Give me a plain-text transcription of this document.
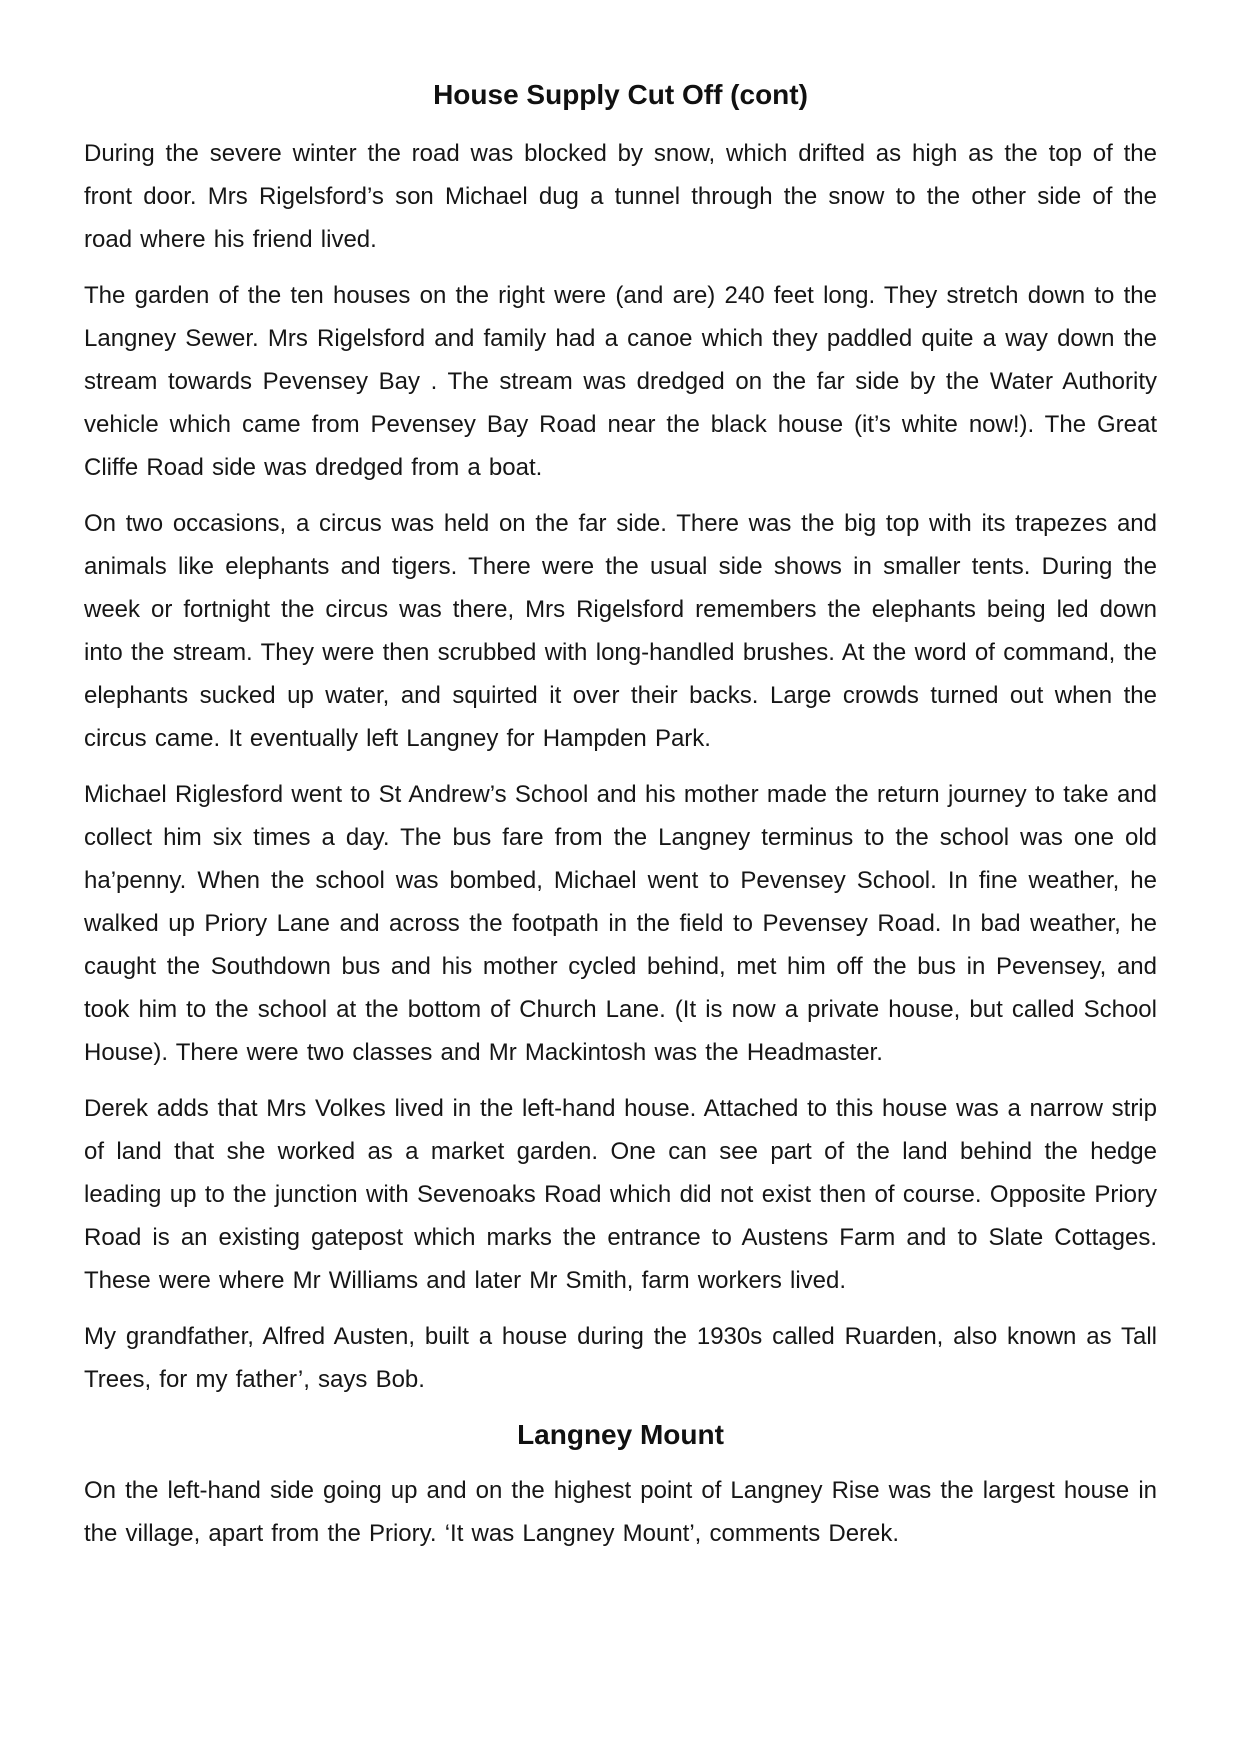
House Supply Cut Off (cont)

During the severe winter the road was blocked by snow, which drifted as high as the top of the front door. Mrs Rigelsford’s son Michael dug a tunnel through the snow to the other side of the road where his friend lived.

The garden of the ten houses on the right were (and are) 240 feet long. They stretch down to the Langney Sewer. Mrs Rigelsford and family had a canoe which they paddled quite a way down the stream towards Pevensey Bay . The stream was dredged on the far side by the Water Authority vehicle which came from Pevensey Bay Road near the black house (it’s white now!). The Great Cliffe Road side was dredged from a boat.

On two occasions, a circus was held on the far side. There was the big top with its trapezes and animals like elephants and tigers. There were the usual side shows in smaller tents. During the week or fortnight the circus was there, Mrs Rigelsford remembers the elephants being led down into the stream. They were then scrubbed with long-handled brushes. At the word of command, the elephants sucked up water, and squirted it over their backs. Large crowds turned out when the circus came. It eventually left Langney for Hampden Park.

Michael Riglesford went to St Andrew’s School and his mother made the return journey to take and collect him six times a day. The bus fare from the Langney terminus to the school was one old ha’penny. When the school was bombed, Michael went to Pevensey School. In fine weather, he walked up Priory Lane and across the footpath in the field to Pevensey Road. In bad weather, he caught the Southdown bus and his mother cycled behind, met him off the bus in Pevensey, and took him to the school at the bottom of Church Lane. (It is now a private house, but called School House). There were two classes and Mr Mackintosh was the Headmaster.

Derek adds that Mrs Volkes lived in the left-hand house. Attached to this house was a narrow strip of land that she worked as a market garden. One can see part of the land behind the hedge leading up to the junction with Sevenoaks Road which did not exist then of course. Opposite Priory Road is an existing gatepost which marks the entrance to Austens Farm and to Slate Cottages. These were where Mr Williams and later Mr Smith, farm workers lived.

My grandfather, Alfred Austen, built a house during the 1930s called Ruarden, also known as Tall Trees, for my father’, says Bob.

Langney Mount

On the left-hand side going up and on the highest point of Langney Rise was the largest house in the village, apart from the Priory. ‘It was Langney Mount’, comments Derek.
